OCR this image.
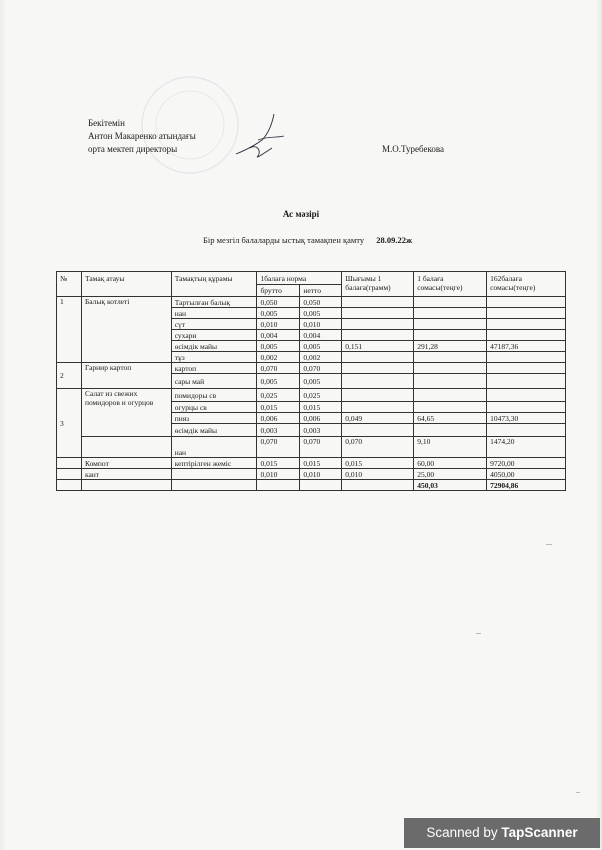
Бекітемін
Антон Макаренко атындағы
орта мектеп директоры	М.О.Туребекова
Ас мәзірі
Бір мезгіл балаларды ыстық тамақпен қамту 28.09.22ж
№	Тамақ атауы	Тамақтың құрамы	1балаға норма		Шығымы 1 балаға(грамм)	1 балаға сомасы(теңге)	162балаға сомасы(теңге)
			брутто	нетто			
1	Балық котлеті	Тартылған балық	0,050	0,050			
		нан	0,005	0,005			
		сүт	0,010	0,010			
		сухари	0,004	0,004			
		өсімдік майы	0,005	0,005	0,151	291,28	47187,36
		тұз	0,002	0,002			
2	Гарнир картоп	картоп	0,070	0,070			
		сары май	0,005	0,005			
3	Салат из свежих помидоров и огурцов	помидоры св	0,025	0,025			
		огурцы св	0,015	0,015			
		пияз	0,006	0,006	0,049	64,65	10473,30
		өсімдік майы	0,003	0,003			
		нан	0,070	0,070	0,070	9,10	1474,20
	Компот	кептірілген жеміс	0,015	0,015	0,015	60,00	9720,00
	кант		0,010	0,010	0,010	25,00	4050,00
						450,03	72904,86
Scanned by TapScanner
